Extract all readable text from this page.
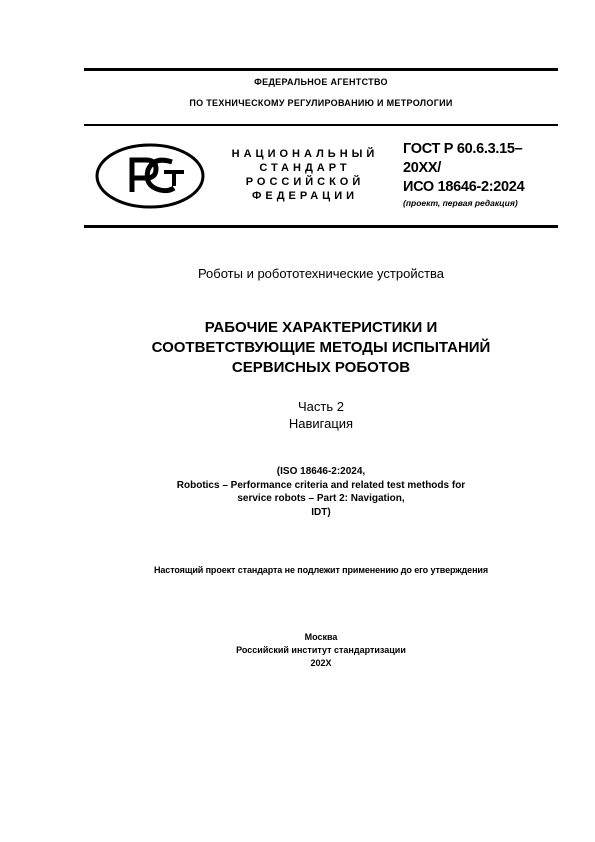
ФЕДЕРАЛЬНОЕ АГЕНТСТВО
ПО ТЕХНИЧЕСКОМУ РЕГУЛИРОВАНИЮ И МЕТРОЛОГИИ
НАЦИОНАЛЬНЫЙ
СТАНДАРТ
РОССИЙСКОЙ
ФЕДЕРАЦИИ
ГОСТ Р 60.6.3.15–
20ХХ/
ИСО 18646-2:2024
(проект, первая редакция)
Роботы и робототехнические устройства
РАБОЧИЕ ХАРАКТЕРИСТИКИ И
СООТВЕТСТВУЮЩИЕ МЕТОДЫ ИСПЫТАНИЙ
СЕРВИСНЫХ РОБОТОВ
Часть 2
Навигация
(ISO 18646-2:2024,
Robotics – Performance criteria and related test methods for
service robots – Part 2: Navigation,
IDT)
Настоящий проект стандарта не подлежит применению до его утверждения
Москва
Российский институт стандартизации
202Х
